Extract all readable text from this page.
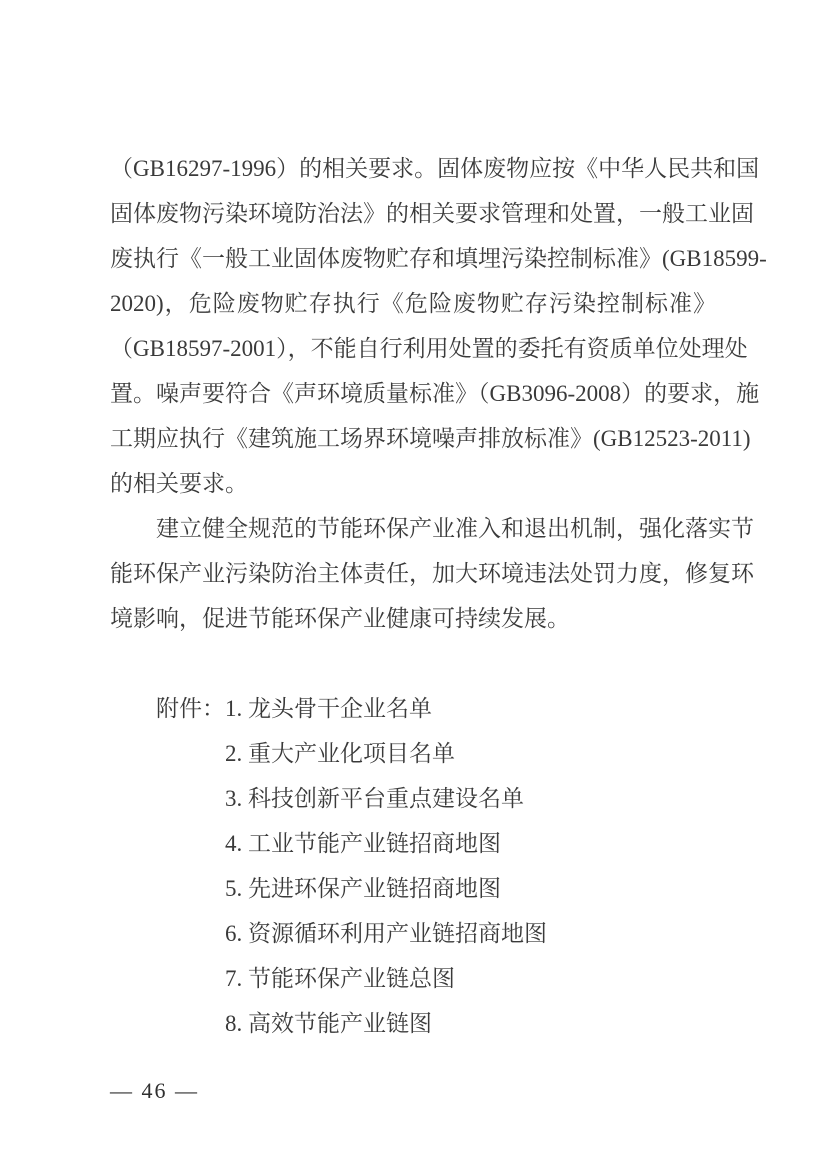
（GB16297-1996）的相关要求。固体废物应按《中华人民共和国
固体废物污染环境防治法》的相关要求管理和处置，一般工业固
废执行《一般工业固体废物贮存和填埋污染控制标准》(GB18599-
2020)，危险废物贮存执行《危险废物贮存污染控制标准》
（GB18597-2001），不能自行利用处置的委托有资质单位处理处
置。噪声要符合《声环境质量标准》（GB3096-2008）的要求，施
工期应执行《建筑施工场界环境噪声排放标准》(GB12523-2011)
的相关要求。
建立健全规范的节能环保产业准入和退出机制，强化落实节
能环保产业污染防治主体责任，加大环境违法处罚力度，修复环
境影响，促进节能环保产业健康可持续发展。
附件： 1. 龙头骨干企业名单
2. 重大产业化项目名单
3. 科技创新平台重点建设名单
4. 工业节能产业链招商地图
5. 先进环保产业链招商地图
6. 资源循环利用产业链招商地图
7. 节能环保产业链总图
8. 高效节能产业链图
— 46 —
